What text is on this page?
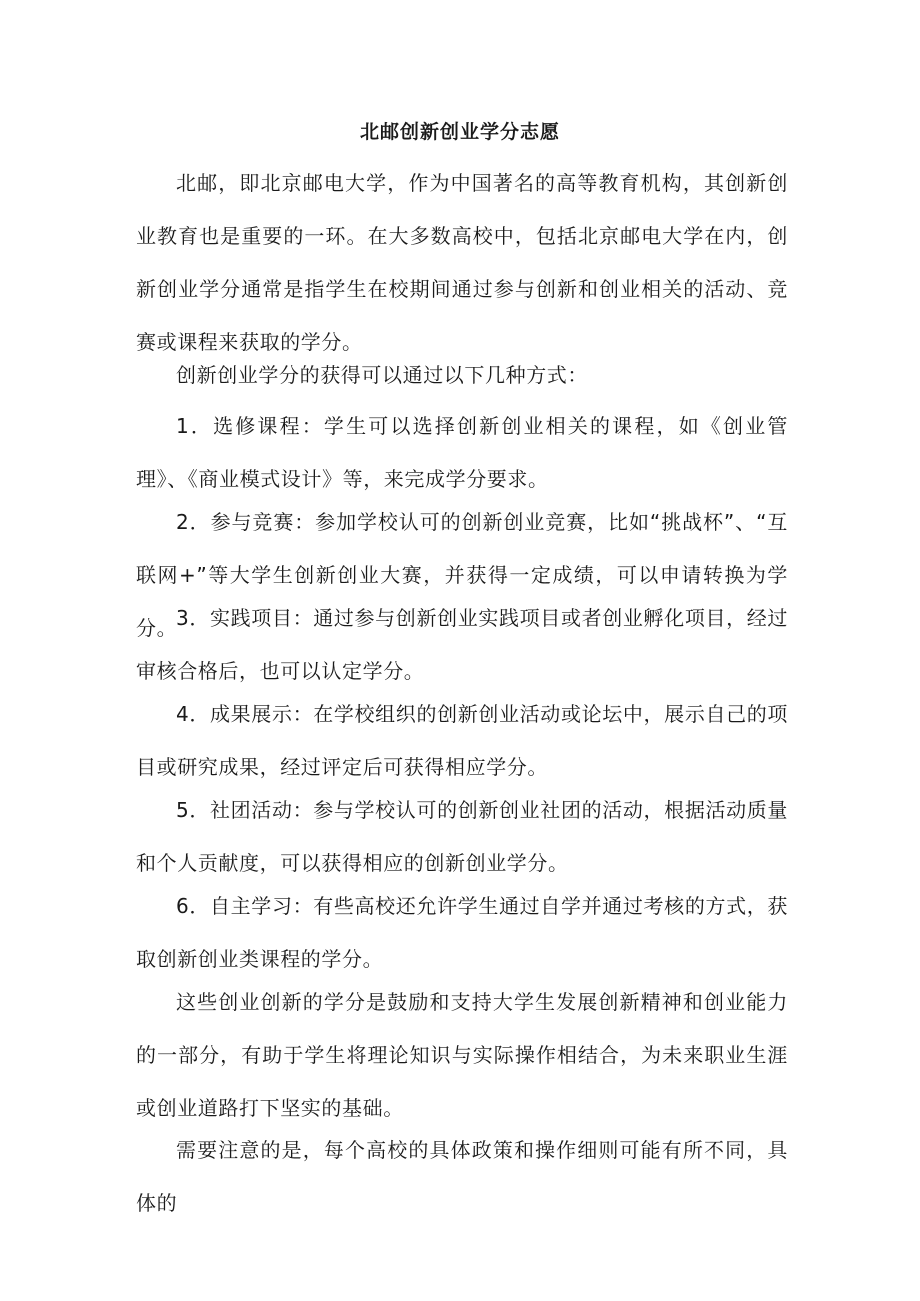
北邮创新创业学分志愿

北邮，即北京邮电大学，作为中国著名的高等教育机构，其创新创业教育也是重要的一环。在大多数高校中，包括北京邮电大学在内，创新创业学分通常是指学生在校期间通过参与创新和创业相关的活动、竞赛或课程来获取的学分。

创新创业学分的获得可以通过以下几种方式：

1．选修课程：学生可以选择创新创业相关的课程，如《创业管理》、《商业模式设计》等，来完成学分要求。

2．参与竞赛：参加学校认可的创新创业竞赛，比如“挑战杯”、“互联网+”等大学生创新创业大赛，并获得一定成绩，可以申请转换为学分。

3．实践项目：通过参与创新创业实践项目或者创业孵化项目，经过审核合格后，也可以认定学分。

4．成果展示：在学校组织的创新创业活动或论坛中，展示自己的项目或研究成果，经过评定后可获得相应学分。

5．社团活动：参与学校认可的创新创业社团的活动，根据活动质量和个人贡献度，可以获得相应的创新创业学分。

6．自主学习：有些高校还允许学生通过自学并通过考核的方式，获取创新创业类课程的学分。

这些创业创新的学分是鼓励和支持大学生发展创新精神和创业能力的一部分，有助于学生将理论知识与实际操作相结合，为未来职业生涯或创业道路打下坚实的基础。

需要注意的是，每个高校的具体政策和操作细则可能有所不同，具体的
